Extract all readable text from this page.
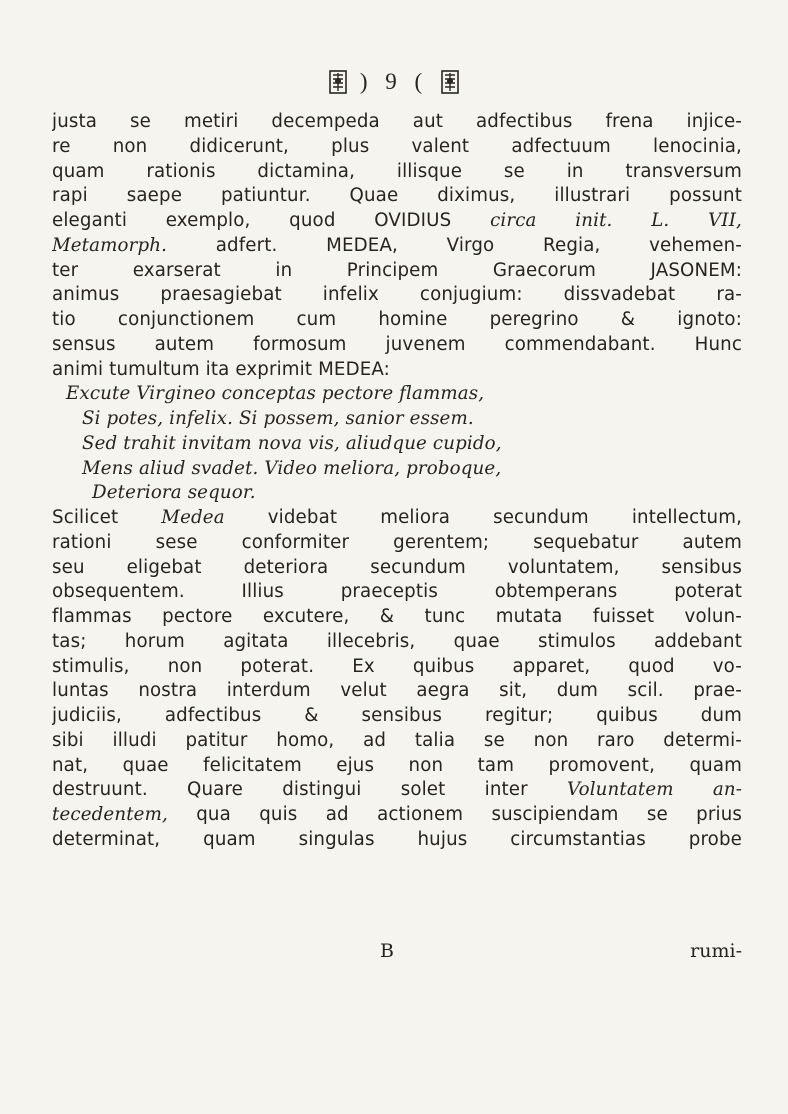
) 9 (
justa se metiri decempeda aut adfectibus frena injice-
re non didicerunt, plus valent adfectuum lenocinia,
quam rationis dictamina, illisque se in transversum
rapi saepe patiuntur. Quae diximus, illustrari possunt
eleganti exemplo, quod OVIDIUS circa init. L. VII,
Metamorph.	adfert. MEDEA, Virgo Regia, vehemen-
ter exarserat in Principem Graecorum JASONEM:
animus praesagiebat infelix conjugium: dissvadebat ra-
tio conjunctionem cum homine peregrino & ignoto:
sensus autem formosum juvenem commendabant. Hunc
animi tumultum ita exprimit MEDEA:
Excute Virgineo conceptas pectore flammas,
Si potes, infelix. Si possem, sanior essem.
Sed trahit invitam nova vis, aliudque cupido,
Mens aliud svadet. Video meliora, proboque,
Deteriora sequor.
Scilicet Medea videbat meliora secundum intellectum,
rationi sese conformiter gerentem; sequebatur autem
seu eligebat deteriora secundum voluntatem, sensibus
obsequentem. Illius praeceptis obtemperans poterat
flammas pectore excutere, & tunc mutata fuisset volun-
tas; horum agitata illecebris, quae stimulos addebant
stimulis, non poterat. Ex quibus apparet, quod vo-
luntas nostra interdum velut aegra sit, dum scil. prae-
judiciis, adfectibus & sensibus regitur; quibus dum
sibi illudi patitur homo, ad talia se non raro determi-
nat, quae felicitatem ejus non tam promovent, quam
destruunt. Quare distingui solet inter Voluntatem an-
tecedentem, qua quis ad actionem suscipiendam se prius
determinat, quam singulas hujus circumstantias probe
B	rumi-
